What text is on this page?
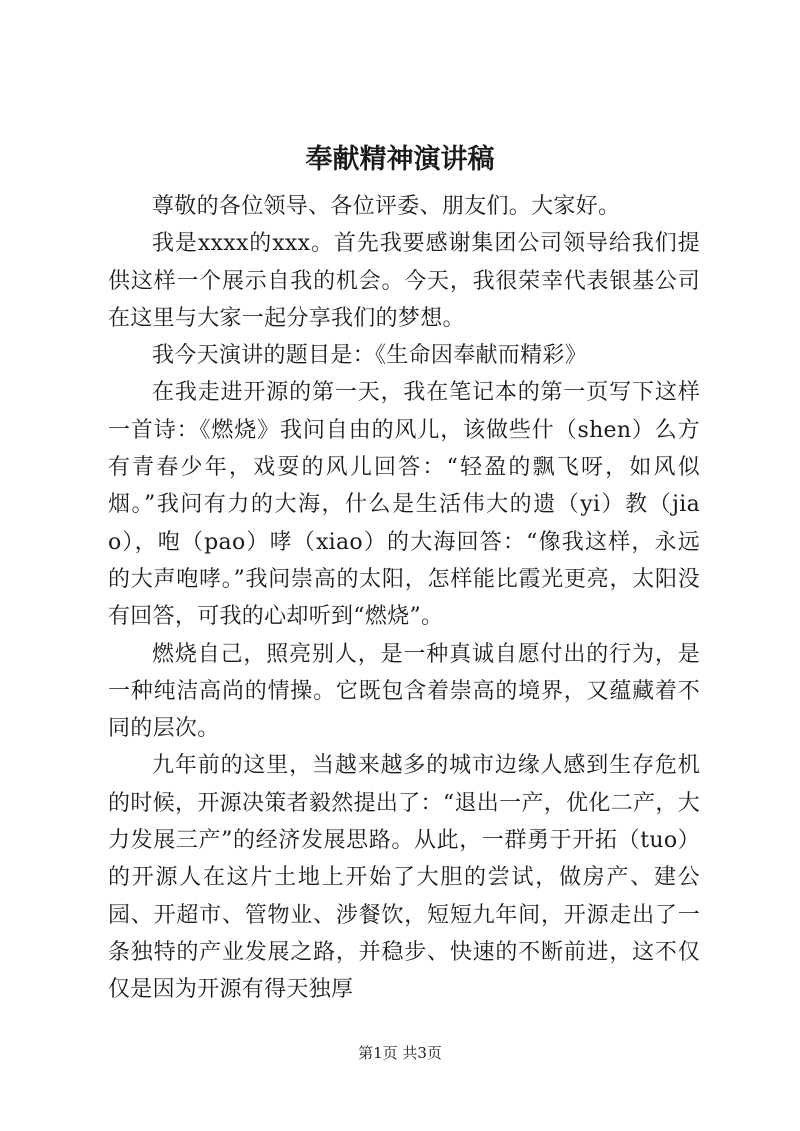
奉献精神演讲稿

尊敬的各位领导、各位评委、朋友们。大家好。

我是xxxx的xxx。首先我要感谢集团公司领导给我们提供这样一个展示自我的机会。今天，我很荣幸代表银基公司在这里与大家一起分享我们的梦想。

我今天演讲的题目是：《生命因奉献而精彩》

在我走进开源的第一天，我在笔记本的第一页写下这样一首诗：《燃烧》我问自由的风儿，该做些什（shen）么方有青春少年，戏耍的风儿回答：“轻盈的飘飞呀，如风似烟。”我问有力的大海，什么是生活伟大的遗（yi）教（jiao），咆（pao）哮（xiao）的大海回答：“像我这样，永远的大声咆哮。”我问崇高的太阳，怎样能比霞光更亮，太阳没有回答，可我的心却听到“燃烧”。

燃烧自己，照亮别人，是一种真诚自愿付出的行为，是一种纯洁高尚的情操。它既包含着崇高的境界，又蕴藏着不同的层次。

九年前的这里，当越来越多的城市边缘人感到生存危机的时候，开源决策者毅然提出了：“退出一产，优化二产，大力发展三产”的经济发展思路。从此，一群勇于开拓（tuo）的开源人在这片土地上开始了大胆的尝试，做房产、建公园、开超市、管物业、涉餐饮，短短九年间，开源走出了一条独特的产业发展之路，并稳步、快速的不断前进，这不仅仅是因为开源有得天独厚

第1页 共3页
